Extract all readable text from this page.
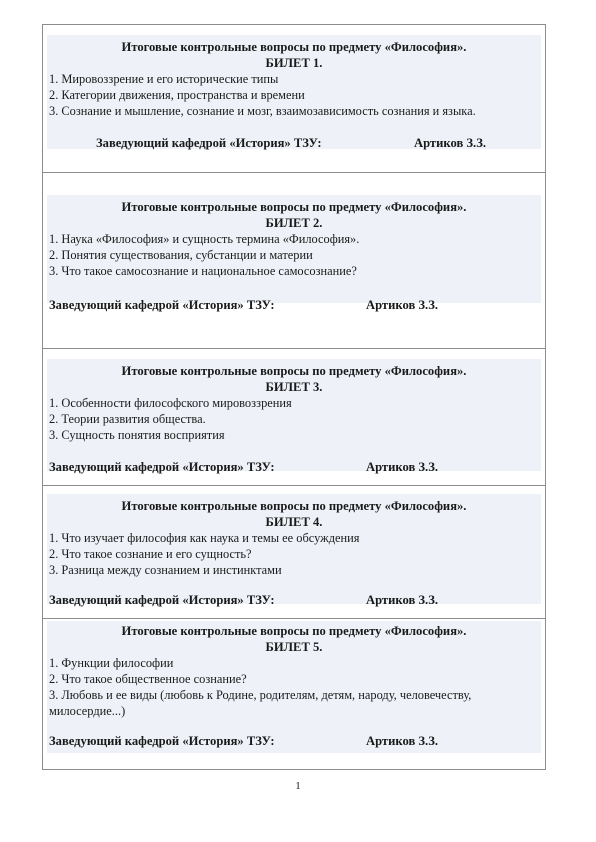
Итоговые контрольные вопросы по предмету «Философия».
БИЛЕТ 1.
1. Мировоззрение и его исторические типы
2. Категории движения, пространства и времени
3. Сознание и мышление, сознание и мозг, взаимозависимость сознания и языка.
Заведующий кафедрой «История» ТЗУ:	Артиков З.З.
Итоговые контрольные вопросы по предмету «Философия».
БИЛЕТ 2.
1. Наука «Философия» и сущность термина «Философия».
2. Понятия существования, субстанции и материи
3. Что такое самосознание и национальное самосознание?
Заведующий кафедрой «История» ТЗУ:	Артиков З.З.
Итоговые контрольные вопросы по предмету «Философия».
БИЛЕТ 3.
1. Особенности философского мировоззрения
2. Теории развития общества.
3. Сущность понятия восприятия
Заведующий кафедрой «История» ТЗУ:	Артиков З.З.
Итоговые контрольные вопросы по предмету «Философия».
БИЛЕТ 4.
1. Что изучает философия как наука и темы ее обсуждения
2. Что такое сознание и его сущность?
3. Разница между сознанием и инстинктами
Заведующий кафедрой «История» ТЗУ:	Артиков З.З.
Итоговые контрольные вопросы по предмету «Философия».
БИЛЕТ 5.
1. Функции философии
2. Что такое общественное сознание?
3. Любовь и ее виды (любовь к Родине, родителям, детям, народу, человечеству, милосердие...)
Заведующий кафедрой «История» ТЗУ:	Артиков З.З.
1
